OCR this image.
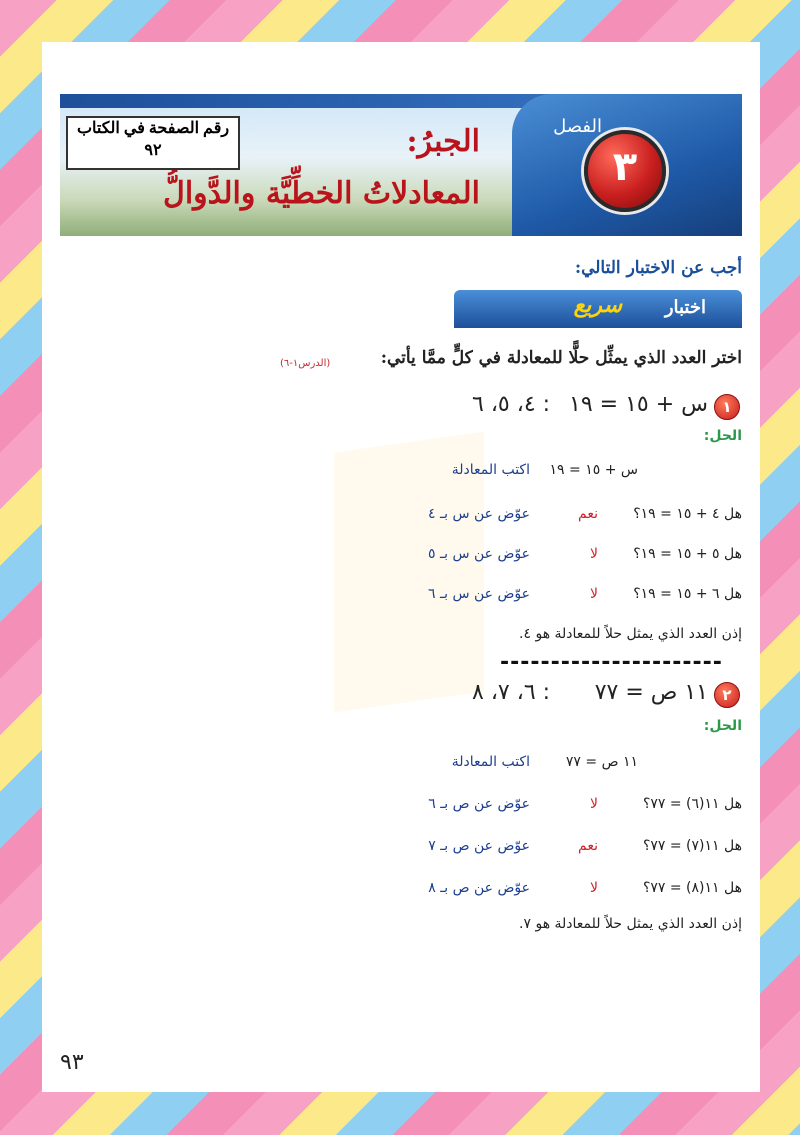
الفصل
٣
الجبرُ:
المعادلاتُ الخطِّيَّة والدَّوالُّ
رقم الصفحة في الكتاب
٩٢
أجب عن الاختبار التالي:
اختبار
سريع
اختر العدد الذي يمثِّل حلًّا للمعادلة في كلٍّ ممَّا يأتي:
(الدرس١-٦)
١
س + ١٥ = ١٩
: ٤، ٥، ٦
الحل:
س + ١٥ = ١٩
اكتب المعادلة
هل ٤ + ١٥ = ١٩؟
نعم
عوّض عن س بـ ٤
هل ٥ + ١٥ = ١٩؟
لا
عوّض عن س بـ ٥
هل ٦ + ١٥ = ١٩؟
لا
عوّض عن س بـ ٦
إذن العدد الذي يمثل حلاً للمعادلة هو ٤.
----------------------
٢
١١ ص = ٧٧
: ٦، ٧، ٨
الحل:
١١ ص = ٧٧
اكتب المعادلة
هل ١١(٦) = ٧٧؟
لا
عوّض عن ص بـ ٦
هل ١١(٧) = ٧٧؟
نعم
عوّض عن ص بـ ٧
هل ١١(٨) = ٧٧؟
لا
عوّض عن ص بـ ٨
إذن العدد الذي يمثل حلاً للمعادلة هو ٧.
٩٣
